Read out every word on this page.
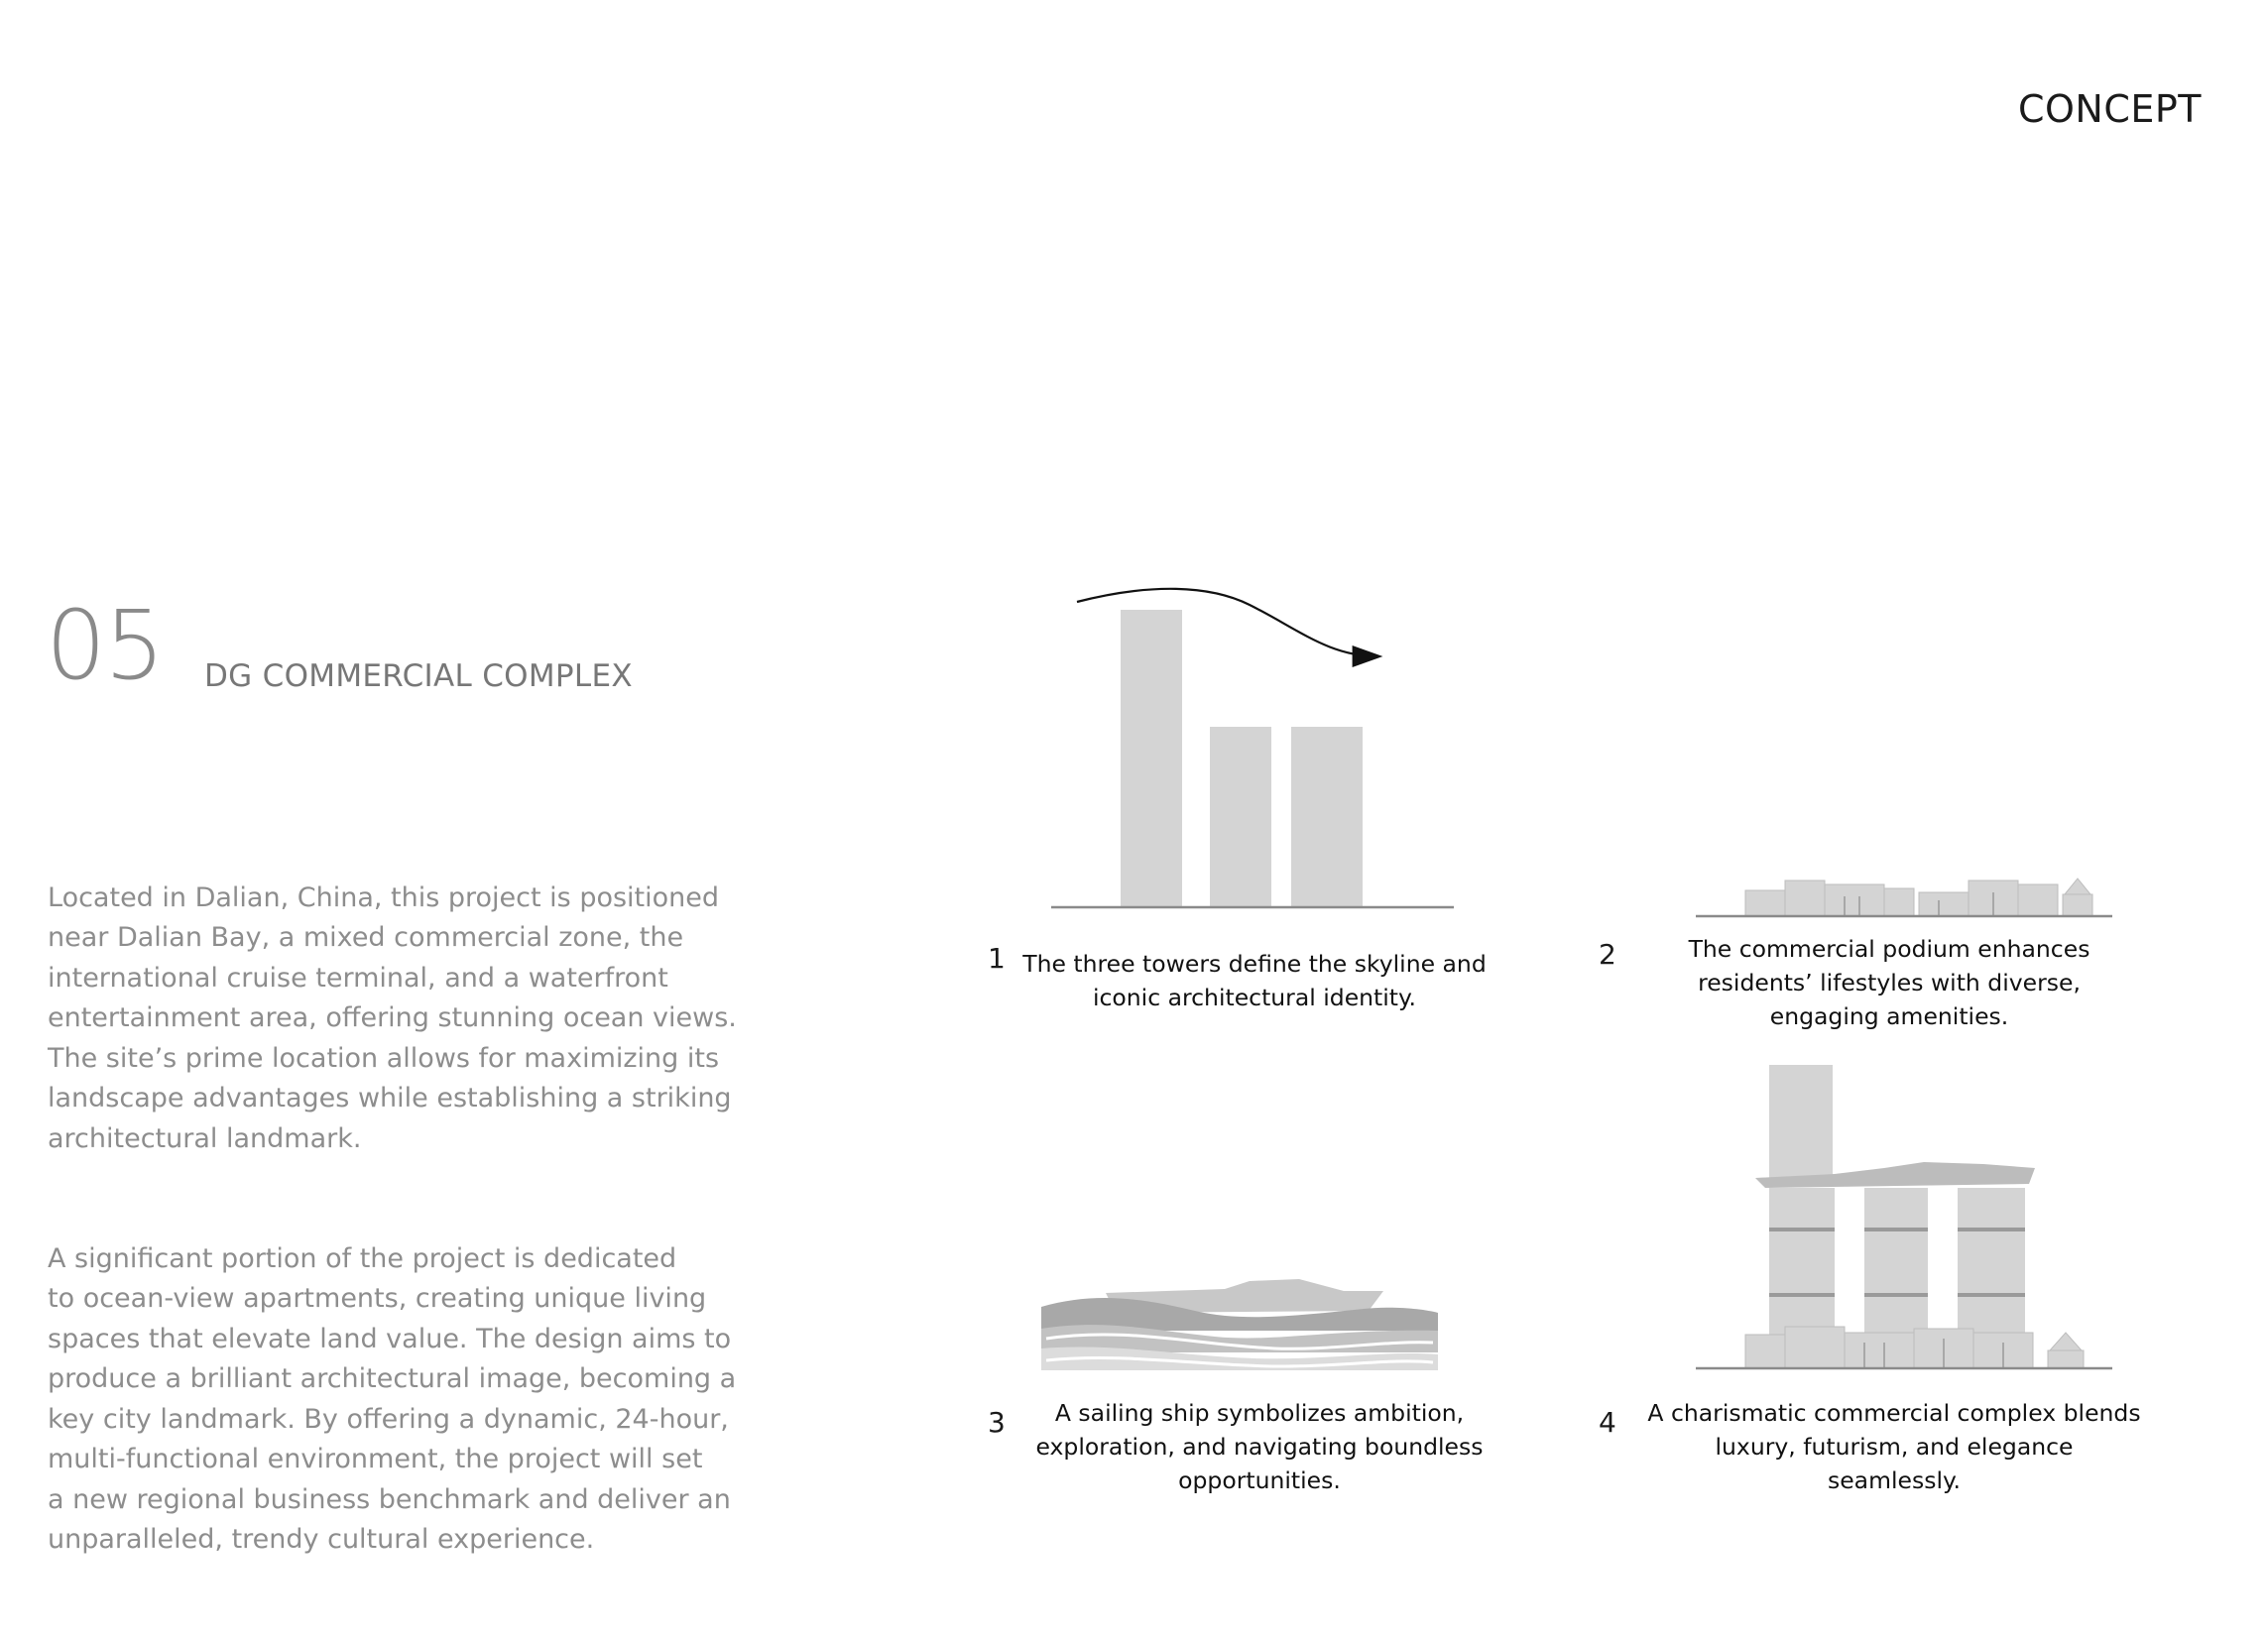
CONCEPT
05 DG COMMERCIAL COMPLEX

Located in Dalian, China, this project is positioned
near Dalian Bay, a mixed commercial zone, the
international cruise terminal, and a waterfront
entertainment area, offering stunning ocean views.
The site’s prime location allows for maximizing its
landscape advantages while establishing a striking
architectural landmark.

A significant portion of the project is dedicated
to ocean-view apartments, creating unique living
spaces that elevate land value. The design aims to
produce a brilliant architectural image, becoming a
key city landmark. By offering a dynamic, 24-hour,
multi-functional environment, the project will set
a new regional business benchmark and deliver an
unparalleled, trendy cultural experience.

1 The three towers define the skyline and
iconic architectural identity.
2	The commercial podium enhances
residents’ lifestyles with diverse,
engaging amenities.
3	A sailing ship symbolizes ambition,
exploration, and navigating boundless
opportunities.
4 A charismatic commercial complex blends
luxury, futurism, and elegance seamlessly.
